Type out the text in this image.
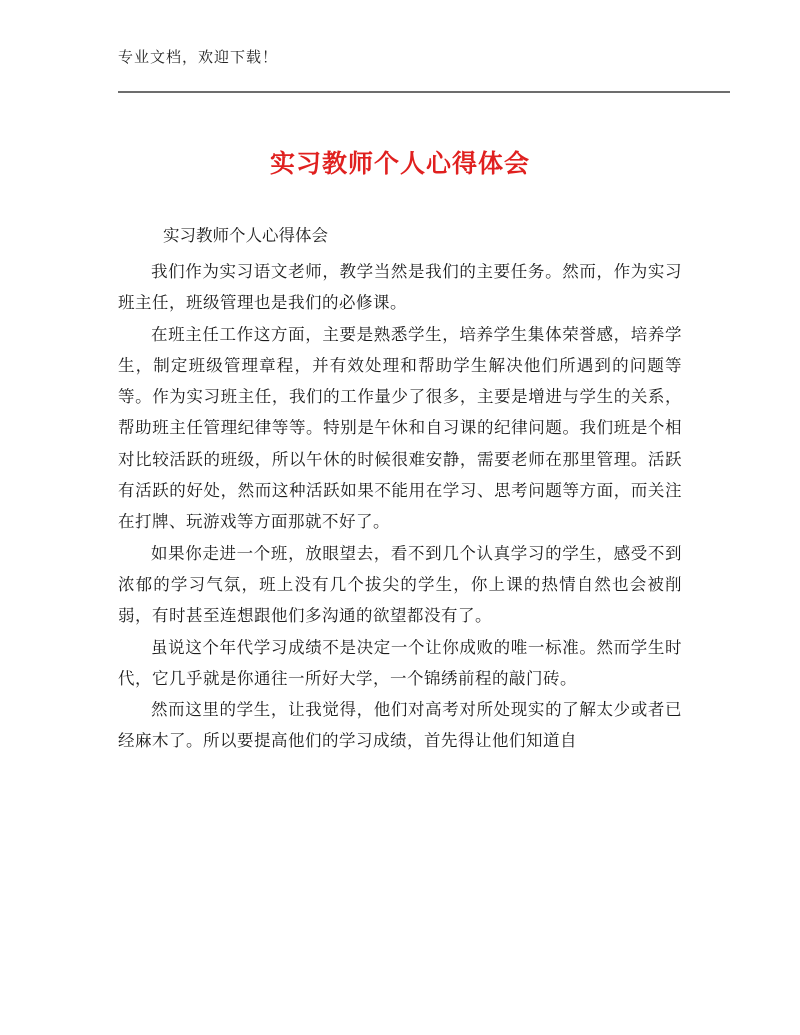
专业文档，欢迎下载！
实习教师个人心得体会
实习教师个人心得体会

我们作为实习语文老师，教学当然是我们的主要任务。然而，作为实习班主任，班级管理也是我们的必修课。

在班主任工作这方面，主要是熟悉学生，培养学生集体荣誉感，培养学生，制定班级管理章程，并有效处理和帮助学生解决他们所遇到的问题等等。作为实习班主任，我们的工作量少了很多，主要是增进与学生的关系，帮助班主任管理纪律等等。特别是午休和自习课的纪律问题。我们班是个相对比较活跃的班级，所以午休的时候很难安静，需要老师在那里管理。活跃有活跃的好处，然而这种活跃如果不能用在学习、思考问题等方面，而关注在打牌、玩游戏等方面那就不好了。

如果你走进一个班，放眼望去，看不到几个认真学习的学生，感受不到浓郁的学习气氛，班上没有几个拔尖的学生，你上课的热情自然也会被削弱，有时甚至连想跟他们多沟通的欲望都没有了。

虽说这个年代学习成绩不是决定一个让你成败的唯一标准。然而学生时代，它几乎就是你通往一所好大学，一个锦绣前程的敲门砖。

然而这里的学生，让我觉得，他们对高考对所处现实的了解太少或者已经麻木了。所以要提高他们的学习成绩，首先得让他们知道自
